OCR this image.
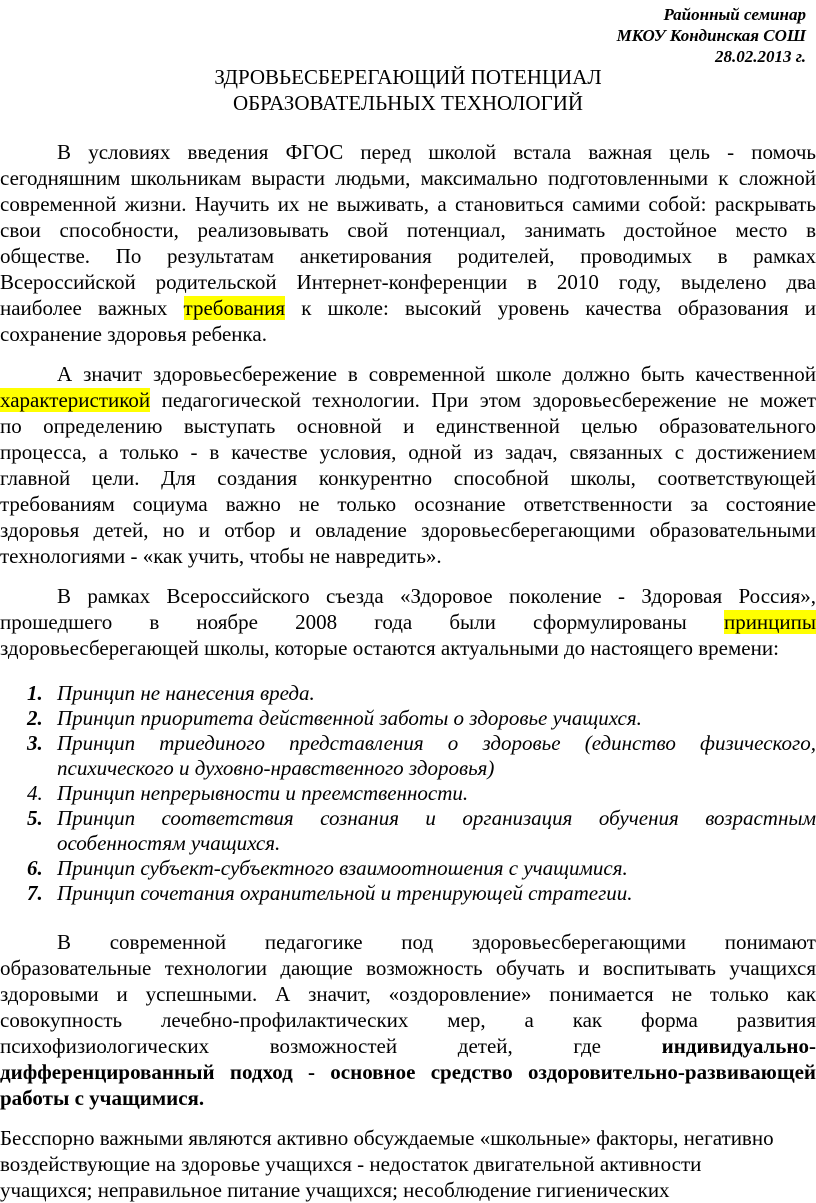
Районный семинар
МКОУ Кондинская СОШ
28.02.2013 г.
ЗДРОВЬЕСБЕРЕГАЮЩИЙ ПОТЕНЦИАЛ
ОБРАЗОВАТЕЛЬНЫХ ТЕХНОЛОГИЙ
В условиях введения ФГОС перед школой встала важная цель - помочь
сегодняшним школьникам вырасти людьми, максимально подготовленными к сложной
современной жизни. Научить их не выживать, а становиться самими собой: раскрывать
свои способности, реализовывать свой потенциал, занимать достойное место в
обществе. По результатам анкетирования родителей, проводимых в рамках
Всероссийской родительской Интернет-конференции в 2010 году, выделено два
наиболее важных требования к школе: высокий уровень качества образования и
сохранение здоровья ребенка.
А значит здоровьесбережение в современной школе должно быть качественной
характеристикой педагогической технологии. При этом здоровьесбережение не может
по определению выступать основной и единственной целью образовательного
процесса, а только - в качестве условия, одной из задач, связанных с достижением
главной цели. Для создания конкурентно способной школы, соответствующей
требованиям социума важно не только осознание ответственности за состояние
здоровья детей, но и отбор и овладение здоровьесберегающими образовательными
технологиями - «как учить, чтобы не навредить».
В рамках Всероссийского съезда «Здоровое поколение - Здоровая Россия»,
прошедшего в ноябре 2008 года были сформулированы принципы
здоровьесберегающей школы, которые остаются актуальными до настоящего времени:
1. Принцип не нанесения вреда.
2. Принцип приоритета действенной заботы о здоровье учащихся.
3. Принцип триединого представления о здоровье (единство физического,
психического и духовно-нравственного здоровья)
4. Принцип непрерывности и преемственности.
5. Принцип соответствия сознания и организация обучения возрастным
особенностям учащихся.
6. Принцип субъект-субъектного взаимоотношения с учащимися.
7. Принцип сочетания охранительной и тренирующей стратегии.
В современной педагогике под здоровьесберегающими понимают
образовательные технологии дающие возможность обучать и воспитывать учащихся
здоровыми и успешными. А значит, «оздоровление» понимается не только как
совокупность лечебно-профилактических мер, а как форма развития
психофизиологических возможностей детей, где индивидуально-
дифференцированный подход - основное средство оздоровительно-развивающей
работы с учащимися.
Бесспорно важными являются активно обсуждаемые «школьные» факторы, негативно
воздействующие на здоровье учащихся - недостаток двигательной активности
учащихся; неправильное питание учащихся; несоблюдение гигиенических
